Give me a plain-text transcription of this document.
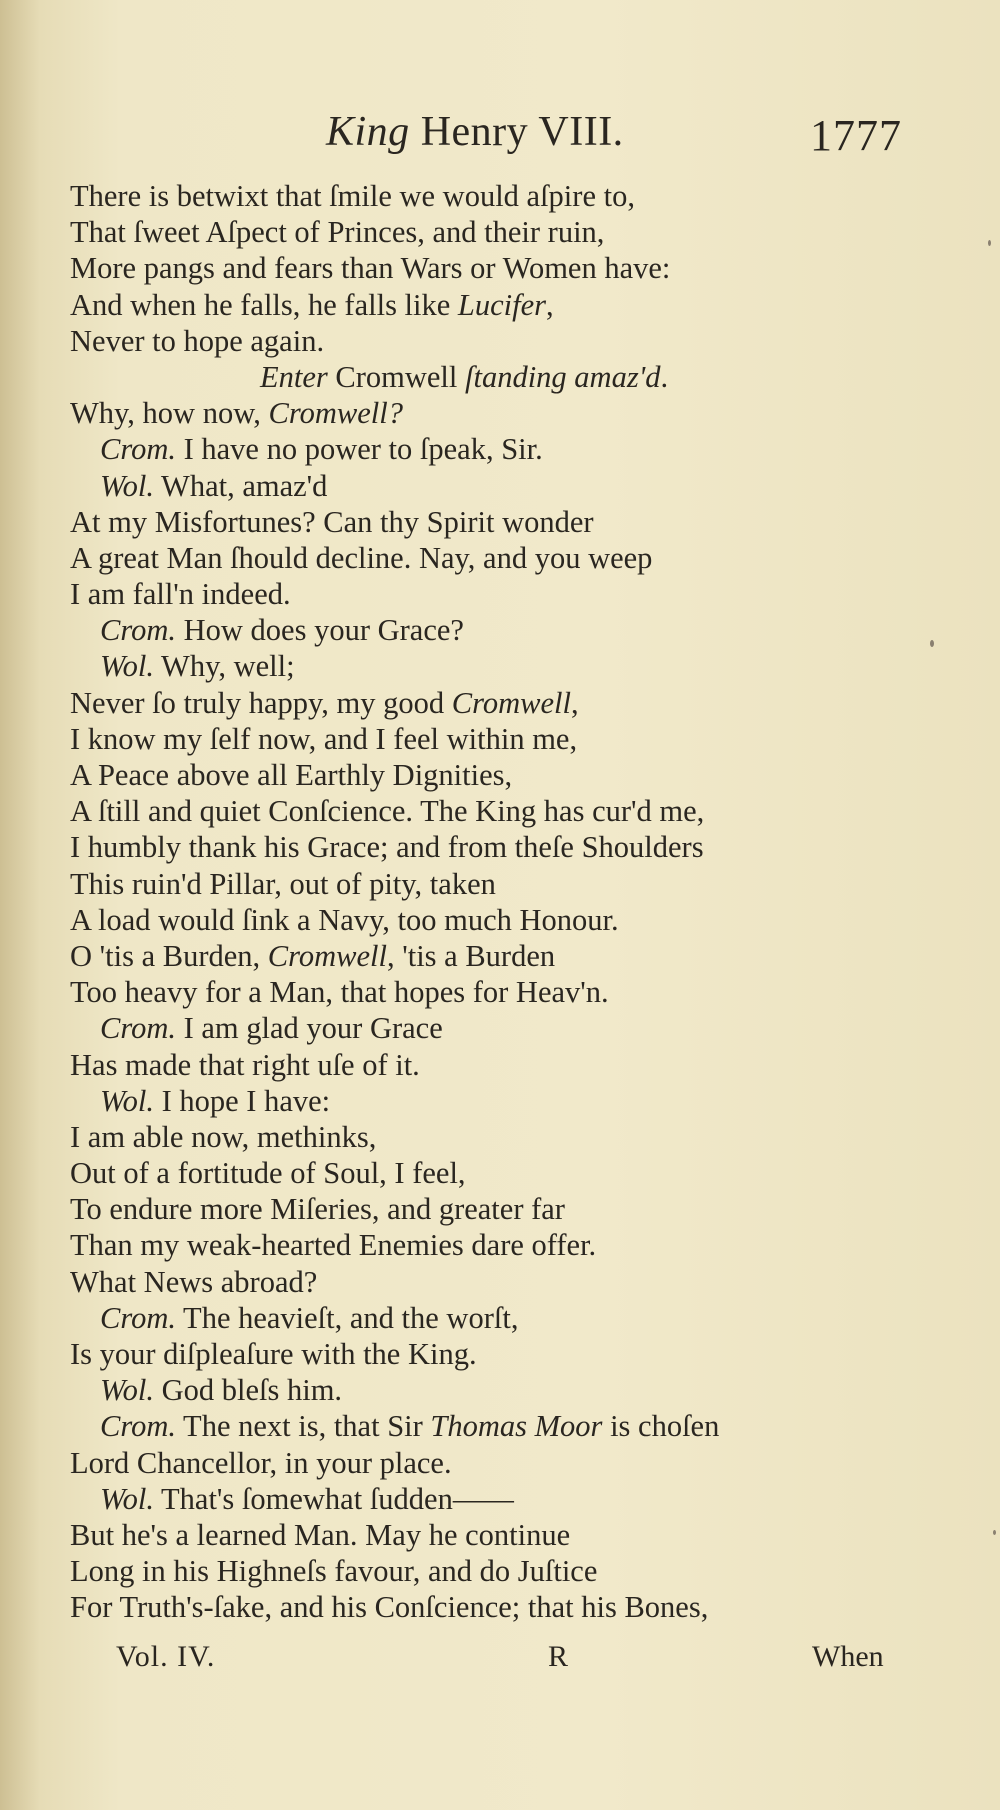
King Henry VIII.	1777
There is betwixt that ſmile we would aſpire to,
That ſweet Aſpect of Princes, and their ruin,
More pangs and fears than Wars or Women have:
And when he falls, he falls like Lucifer,
Never to hope again.
Enter Cromwell ſtanding amaz'd.
Why, how now, Cromwell?
Crom. I have no power to ſpeak, Sir.
Wol. What, amaz'd
At my Misfortunes? Can thy Spirit wonder
A great Man ſhould decline. Nay, and you weep
I am fall'n indeed.
Crom. How does your Grace?
Wol. Why, well;
Never ſo truly happy, my good Cromwell,
I know my ſelf now, and I feel within me,
A Peace above all Earthly Dignities,
A ſtill and quiet Conſcience. The King has cur'd me,
I humbly thank his Grace; and from theſe Shoulders
This ruin'd Pillar, out of pity, taken
A load would ſink a Navy, too much Honour.
O 'tis a Burden, Cromwell, 'tis a Burden
Too heavy for a Man, that hopes for Heav'n.
Crom. I am glad your Grace
Has made that right uſe of it.
Wol. I hope I have:
I am able now, methinks,
Out of a fortitude of Soul, I feel,
To endure more Miſeries, and greater far
Than my weak-hearted Enemies dare offer.
What News abroad?
Crom. The heavieſt, and the worſt,
Is your diſpleaſure with the King.
Wol. God bleſs him.
Crom. The next is, that Sir Thomas Moor is choſen
Lord Chancellor, in your place.
Wol. That's ſomewhat ſudden——
But he's a learned Man. May he continue
Long in his Highneſs favour, and do Juſtice
For Truth's-ſake, and his Conſcience; that his Bones,
Vol. IV.	R	When
